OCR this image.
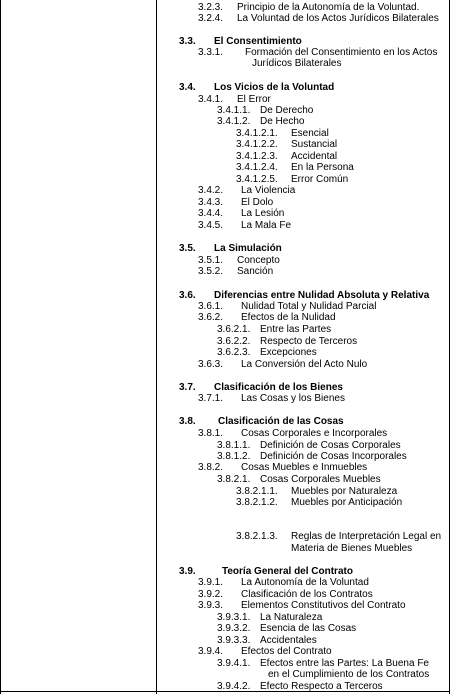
3.2.3. Principio de la Autonomía de la Voluntad.
3.2.4. La Voluntad de los Actos Jurídicos Bilaterales
3.3. El Consentimiento
3.3.1. Formación del Consentimiento en los Actos
Jurídicos Bilaterales
3.4. Los Vicios de la Voluntad
3.4.1. El Error
3.4.1.1. De Derecho
3.4.1.2. De Hecho
3.4.1.2.1. Esencial
3.4.1.2.2. Sustancial
3.4.1.2.3. Accidental
3.4.1.2.4. En la Persona
3.4.1.2.5. Error Común
3.4.2. La Violencia
3.4.3. El Dolo
3.4.4. La Lesión
3.4.5. La Mala Fe
3.5. La Simulación
3.5.1. Concepto
3.5.2. Sanción
3.6. Diferencias entre Nulidad Absoluta y Relativa
3.6.1. Nulidad Total y Nulidad Parcial
3.6.2. Efectos de la Nulidad
3.6.2.1. Entre las Partes
3.6.2.2. Respecto de Terceros
3.6.2.3. Excepciones
3.6.3. La Conversión del Acto Nulo
3.7. Clasificación de los Bienes
3.7.1. Las Cosas y los Bienes
3.8. Clasificación de las Cosas
3.8.1. Cosas Corporales e Incorporales
3.8.1.1. Definición de Cosas Corporales
3.8.1.2. Definición de Cosas Incorporales
3.8.2. Cosas Muebles e Inmuebles
3.8.2.1. Cosas Corporales Muebles
3.8.2.1.1. Muebles por Naturaleza
3.8.2.1.2. Muebles por Anticipación
3.8.2.1.3. Reglas de Interpretación Legal en
Materia de Bienes Muebles
3.9.	Teoría General del Contrato
3.9.1. La Autonomía de la Voluntad
3.9.2. Clasificación de los Contratos
3.9.3. Elementos Constitutivos del Contrato
3.9.3.1. La Naturaleza
3.9.3.2. Esencia de las Cosas
3.9.3.3. Accidentales
3.9.4. Efectos del Contrato
3.9.4.1. Efectos entre las Partes: La Buena Fe
en el Cumplimiento de los Contratos
3.9.4.2. Efecto Respecto a Terceros
